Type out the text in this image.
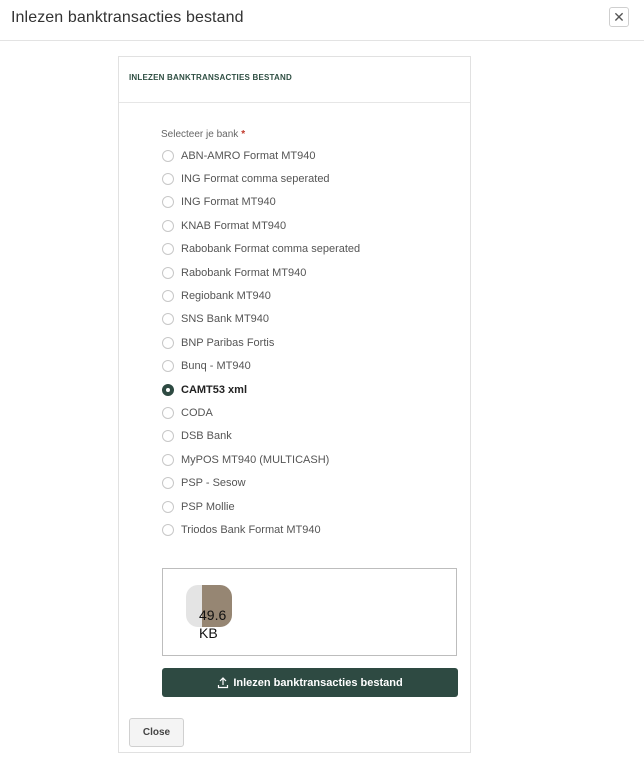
Inlezen banktransacties bestand	✕
INLEZEN BANKTRANSACTIES BESTAND
Selecteer je bank *
ABN-AMRO Format MT940
ING Format comma seperated
ING Format MT940
KNAB Format MT940
Rabobank Format comma seperated
Rabobank Format MT940
Regiobank MT940
SNS Bank MT940
BNP Paribas Fortis
Bunq - MT940
CAMT53 xml
CODA
DSB Bank
MyPOS MT940 (MULTICASH)
PSP - Sesow
PSP Mollie
Triodos Bank Format MT940
49.6 KB
Inlezen banktransacties bestand
Close
